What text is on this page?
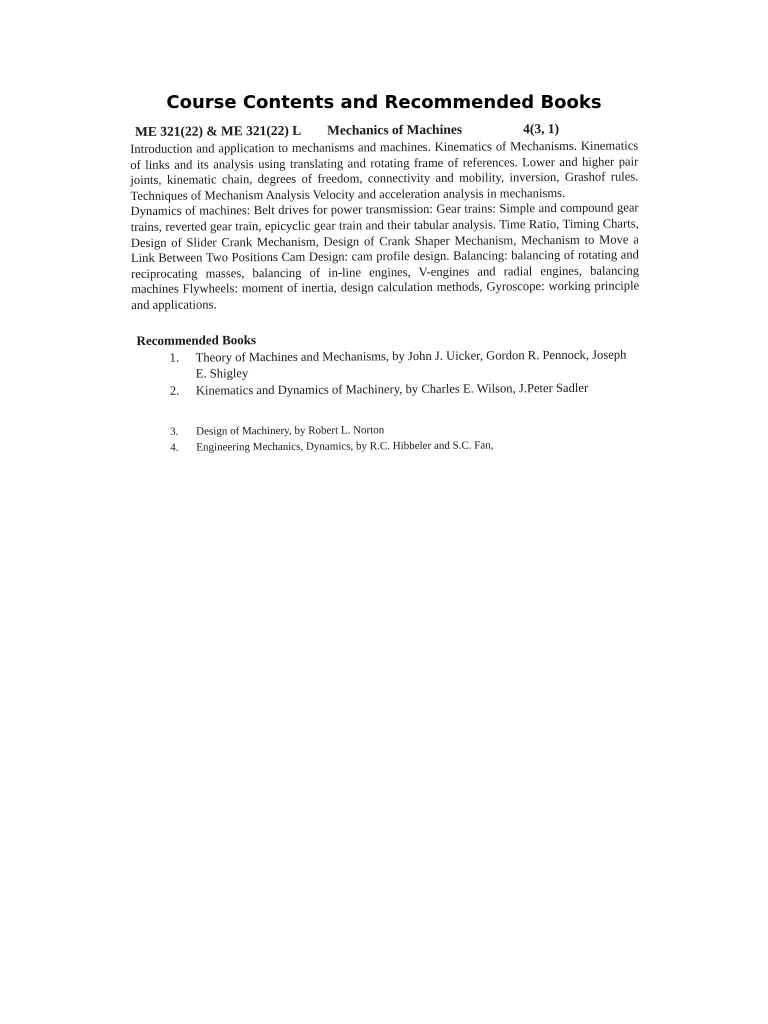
Course Contents and Recommended Books
ME 321(22) & ME 321(22) L Mechanics of Machines	4(3, 1)

Introduction and application to mechanisms and machines. Kinematics of Mechanisms. Kinematics of links and its analysis using translating and rotating frame of references. Lower and higher pair joints, kinematic chain, degrees of freedom, connectivity and mobility, inversion, Grashof rules. Techniques of Mechanism Analysis Velocity and acceleration analysis in mechanisms.

Dynamics of machines: Belt drives for power transmission: Gear trains: Simple and compound gear trains, reverted gear train, epicyclic gear train and their tabular analysis. Time Ratio, Timing Charts, Design of Slider Crank Mechanism, Design of Crank Shaper Mechanism, Mechanism to Move a Link Between Two Positions Cam Design: cam profile design. Balancing: balancing of rotating and reciprocating masses, balancing of in-line engines, V-engines and radial engines, balancing machines Flywheels: moment of inertia, design calculation methods, Gyroscope: working principle and applications.

Recommended Books
1. Theory of Machines and Mechanisms, by John J. Uicker, Gordon R. Pennock, Joseph E. Shigley
2. Kinematics and Dynamics of Machinery, by Charles E. Wilson, J.Peter Sadler
3. Design of Machinery, by Robert L. Norton
4. Engineering Mechanics, Dynamics, by R.C. Hibbeler and S.C. Fan,
